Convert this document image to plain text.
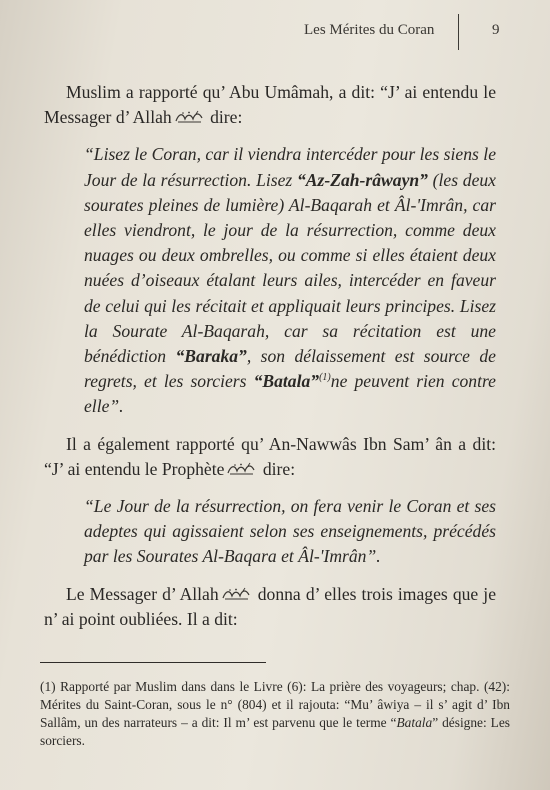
Les Mérites du Coran	9

Muslim a rapporté qu’ Abu Umâmah, a dit: “J’ ai entendu le Messager d’ Allah dire:

“Lisez le Coran, car il viendra intercéder pour les siens le Jour de la résurrection. Lisez “Az-Zah-râwayn” (les deux sourates pleines de lumière) Al-Baqarah et Âl-'Imrân, car elles viendront, le jour de la résurrection, comme deux nuages ou deux ombrelles, ou comme si elles étaient deux nuées d’oiseaux étalant leurs ailes, intercéder en faveur de celui qui les récitait et appliquait leurs principes. Lisez la Sourate Al-Baqarah, car sa récitation est une bénédiction “Baraka”, son délaissement est source de regrets, et les sorciers “Batala”$^{(1)}$ne peuvent rien contre elle”.

Il a également rapporté qu’ An-Nawwâs Ibn Sam’ ân a dit: “J’ ai entendu le Prophète dire:

“Le Jour de la résurrection, on fera venir le Coran et ses adeptes qui agissaient selon ses enseignements, précédés par les Sourates Al-Baqara et Âl-'Imrân”.

Le Messager d’ Allah donna d’ elles trois images que je n’ ai point oubliées. Il a dit:

(1) Rapporté par Muslim dans dans le Livre (6): La prière des voyageurs; chap. (42): Mérites du Saint-Coran, sous le n° (804) et il rajouta: “Mu’ âwiya – il s’ agit d’ Ibn Sallâm, un des narrateurs – a dit: Il m’ est parvenu que le terme “Batala” désigne: Les sorciers.
